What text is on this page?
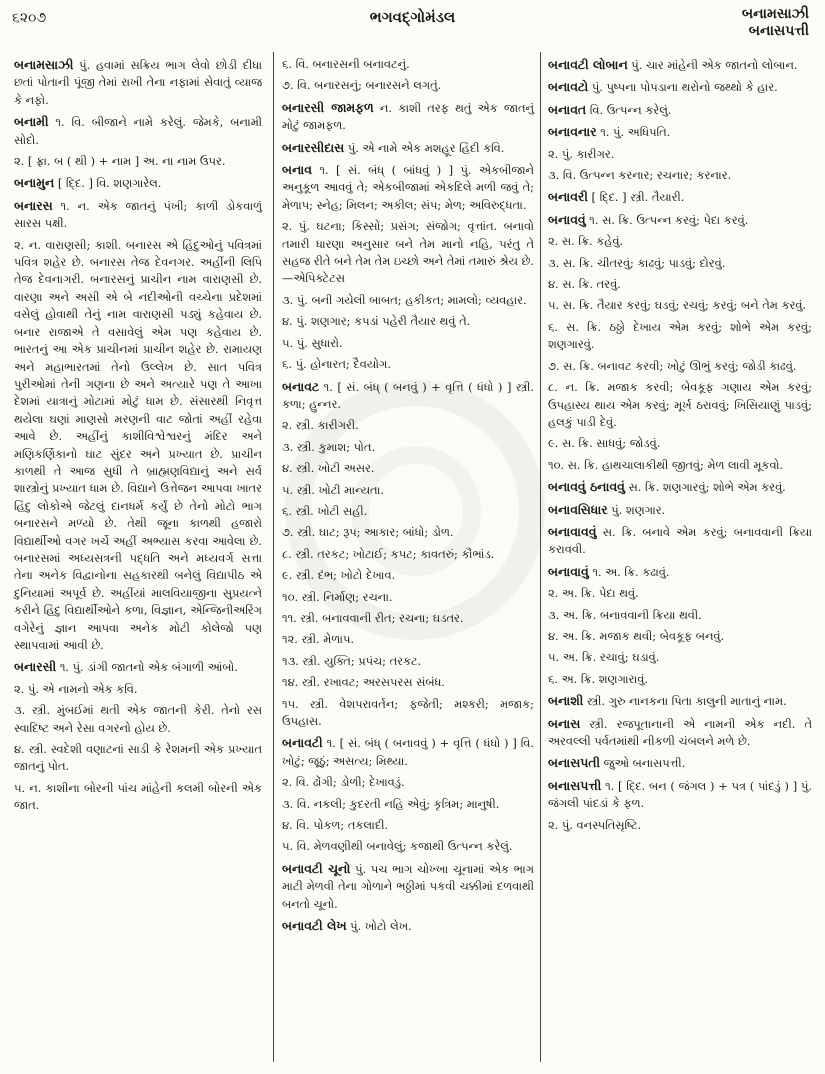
૬૨૦૭	ભગવદ્ગોમંડલ	બનામસાઝી
બનાસપત્તી

બનામસાઝી પું. હવામાં સક્રિય ભાગ લેવો છોડી દીધા છતાં પોતાની પૂંજી તેમાં રાખી તેના નફામાં સેવાતું વ્યાજ કે નફો.

બનામી ૧. વિ. બીજાને નામે કરેલું. જેમકે, બનામી સોદો.

૨. [ ફ્રા. બ ( થી ) + નામ ] અ. ના નામ ઉપર.

બનામુન [ દ્દિ. ] વિ. શણગારેલ.

બનારસ ૧. ન. એક જાતનું પંખી; કાળી ડોકવાળું સારસ પક્ષી.

૨. ન. વારાણસી; કાશી. બનારસ એ હિંદુઓનું પવિત્રમાં પવિત્ર શહેર છે. બનારસ તેજ દેવનગર. અહીંની લિપિ તેજ દેવનાગરી. બનારસનું પ્રાચીન નામ વારાણસી છે. વારણા અને અસી એ બે નદીઓની વચ્ચેના પ્રદેશમાં વસેલું હોવાથી તેનું નામ વારાણસી પડ્યું કહેવાય છે. બનાર રાજાએ તે વસાવેલું એમ પણ કહેવાય છે. ભારતનું આ એક પ્રાચીનમાં પ્રાચીન શહેર છે. રામાયણ અને મહાભારતમાં તેનો ઉલ્લેખ છે. સાત પવિત્ર પુરીઓમાં તેની ગણના છે અને અત્યારે પણ તે આખા દેશમાં યાત્રાનું મોટામાં મોટું ધામ છે. સંસારથી નિવૃત્ત થયેલા ઘણાં માણસો મરણની વાટ જોતાં અહીં રહેવા આવે છે. અહીંનું કાશીવિશ્વેશ્વરનું મંદિર અને મણિકર્ણિકાનો ઘાટ સુંદર અને પ્રખ્યાત છે. પ્રાચીન કાળથી તે આજ સુધી તે બ્રાહ્મણવિદ્યાનું અને સર્વ શાસ્ત્રોનું પ્રખ્યાત ધામ છે. વિદ્યાને ઉત્તેજન આપવા ખાતર હિંદુ લોકોએ જેટલું દાનધર્મ કર્યું છે તેનો મોટો ભાગ બનારસને મળ્યો છે. તેથી જૂના કાળથી હજારો વિદ્યાર્થીઓ વગર ખર્ચે અહીં અભ્યાસ કરવા આવેલા છે. બનારસમાં અધ્યસત્રની પદ્ધતિ અને મધ્યવર્ગ સત્તા તેના અનેક વિદ્વાનોના સહકારથી બનેલું વિદ્યાપીઠ એ દુનિયામાં અપૂર્વ છે. અહીંયાં માલવિયાજીના સુપ્રયત્ને કરીને હિંદુ વિદ્યાર્થીઓને કળા, વિજ્ઞાન, એન્જિનીઅરિંગ વગેરેનું જ્ઞાન આપવા અનેક મોટી કોલેજો પણ સ્થાપવામાં આવી છે.

બનારસી ૧. પું. ડાંગી જાતનો એક બંગાળી આંબો.

૨. પું. એ નામનો એક કવિ.

૩. સ્ત્રી. મુંબઈમાં થતી એક જાતની કેરી. તેનો રસ સ્વાદિષ્ટ અને રેસા વગરનો હોય છે.

૪. સ્ત્રી. સ્વદેશી વણાટનાં સાડી કે રેશમની એક પ્રખ્યાત જાતનું પોત.

૫. ન. કાશીના બોરની પાંચ માંહેની કલમી બોરની એક જાત.

૬. વિ. બનારસની બનાવટનું.

૭. વિ. બનારસનું; બનારસને લગતું.

બનારસી જામફળ ન. કાશી તરફ થતું એક જાતનું મોટું જામફળ.

બનારસીદાસ પું. એ નામે એક મશહૂર હિંદી કવિ.

બનાવ ૧. [ સં. બંધ્ ( બાંધવું ) ] પું. એકબીજાને અનુકૂળ આવવું તે; એકબીજામાં એકદિલે મળી જવું તે; મેળાપ; સ્નેહ; મિલન; અકીલ; સંપ; મેળ; અવિરુદ્ધતા.

૨. પું. ઘટના; કિસ્સો; પ્રસંગ; સંજોગ; વૃત્તાંત. બનાવો તમારી ધારણા અનુસાર બને તેમ માનો નહિ, પરંતુ તે સહજ રીતે બને તેમ તેમ ઇચ્છો અને તેમાં તમારું શ્રેય છે. —એપિક્ટેટસ

૩. પું. બની ગયેલી બાબત; હકીકત; મામલો; વ્યવહાર.

૪. પું. શણગાર; કપડાં પહેરી તૈયાર થવું તે.

૫. પું. સુધારો.

૬. પું. હોનારત; દૈવયોગ.

બનાવટ ૧. [ સં. બંધ્ ( બનવું ) + વૃત્તિ ( ધંધો ) ] સ્ત્રી. કળા; હુન્નર.

૨. સ્ત્રી. કારીગરી.

૩. સ્ત્રી. કુમાશ; પોત.

૪. સ્ત્રી. ખોટી અસર.

૫. સ્ત્રી. ખોટી માન્યતા.

૬. સ્ત્રી. ખોટી સહી.

૭. સ્ત્રી. ઘાટ; રૂપ; આકાર; બાંધો; ડોળ.

૮. સ્ત્રી. તરકટ; ખોટાઈ; કપટ; કાવતરું; કૌભાંડ.

૯. સ્ત્રી. દંભ; ખોટો દેખાવ.

૧૦. સ્ત્રી. નિર્માણ; રચના.

૧૧. સ્ત્રી. બનાવવાની રીત; રચના; ઘડતર.

૧૨. સ્ત્રી. મેળાપ.

૧૩. સ્ત્રી. યુક્તિ; પ્રપંચ; તરકટ.

૧૪. સ્ત્રી. રખાવટ; અરસપરસ સંબંધ.

૧૫. સ્ત્રી. વેશપરાવર્તન; ફજેતી; મશ્કરી; મજાક; ઉપહાસ.

બનાવટી ૧. [ સં. બંધ્ ( બનાવવું ) + વૃત્તિ ( ધંધો ) ] વિ. ખોટું; જૂઠું; અસત્ય; મિથ્યા.

૨. વિ. ઢોંગી; ડોળી; દેખાવડું.

૩. વિ. નકલી; કુદરતી નહિ એવું; કૃત્રિમ; માનુષી.

૪. વિ. પોકળ; તકલાદી.

૫. વિ. મેળવણીથી બનાવેલું; કજાથી ઉત્પન્ન કરેલું.

બનાવટી ચૂનો પું. પચ ભાગ ચોખ્ખા ચૂનામાં એક ભાગ માટી મેળવી તેના ગોળાને ભઠ્ઠીમાં પકવી ચક્કીમાં દળવાથી બનતો ચૂનો.

બનાવટી લેખ પું. ખોટો લેખ.

બનાવટી લોબાન પું. ચાર માંહેની એક જાતનો લોબાન.

બનાવટો પું. પુષ્પના પોપડાના થરોનો જથ્થો કે હાર.

બનાવત વિ. ઉત્પન્ન કરેલું.

બનાવનાર ૧. પું. અધિપતિ.

૨. પું. કારીગર.

૩. વિ. ઉત્પન્ન કરનાર; રચનાર; કરનાર.

બનાવરી [ દ્દિ. ] સ્ત્રી. તૈયારી.

બનાવવું ૧. સ. ક્રિ. ઉત્પન્ન કરવું; પેદા કરવું.

૨. સ. ક્રિ. કહેવું.

૩. સ. ક્રિ. ચીતરવું; કાઢવું; પાડવું; દોરવું.

૪. સ. ક્રિ. તરવું.

૫. સ. ક્રિ. તૈયાર કરવું; ઘડવું; રચવું; કરવું; બને તેમ કરવું.

૬. સ. ક્રિ. ઠઠ્ઠો દેખાય એમ કરવું; શોભે એમ કરવું; શણગારવું.

૭. સ. ક્રિ. બનાવટ કરવી; ખોટું ઊભું કરવું; જોડી કાઢવું.

૮. ન. ક્રિ. મજાક કરવી; બેવકૂફ ગણાય એમ કરવું; ઉપહાસ્ય થાય એમ કરવું; મૂર્ખ ઠરાવવું; ખિસિયાણું પાડવું; હલકું પાડી દેવું.

૯. સ. ક્રિ. સાધવું; જોડવું.

૧૦. સ. ક્રિ. હાથચાલાકીથી જીતવું; મેળ લાવી મૂકવો.

બનાવવું ઠનાવવું સ. ક્રિ. શણગારવું; શોભે એમ કરવું.

બનાવસિધાર પું. શણગાર.

બનાવાવવું સ. ક્રિ. બનાવે એમ કરવું; બનાવવાની ક્રિયા કરાવવી.

બનાવાવું ૧. અ. ક્રિ. કઢાવું.

૨. અ. ક્રિ. પેદા થવું.

૩. અ. ક્રિ. બનાવવાની ક્રિયા થવી.

૪. અ. ક્રિ. મજાક થવી; બેવકૂફ બનવું.

૫. અ. ક્રિ. રચાવું; ઘડાવું.

૬. અ. ક્રિ. શણગારાવું.

બનાશી સ્ત્રી. ગુરુ નાનકના પિતા કાલુની માતાનું નામ.

બનાસ સ્ત્રી. રજપૂતાનાની એ નામની એક નદી. તે અરવલ્લી પર્વતમાંથી નીકળી ચંબલને મળે છે.

બનાસપતી જુઓ બનાસપત્તી.

બનાસપત્તી ૧. [ દ્દિ. બન ( જંગલ ) + પત્ર ( પાંદડું ) ] પું. જંગલી પાંદડાં કે ફળ.

૨. પું. વનસ્પતિસૃષ્ટિ.
